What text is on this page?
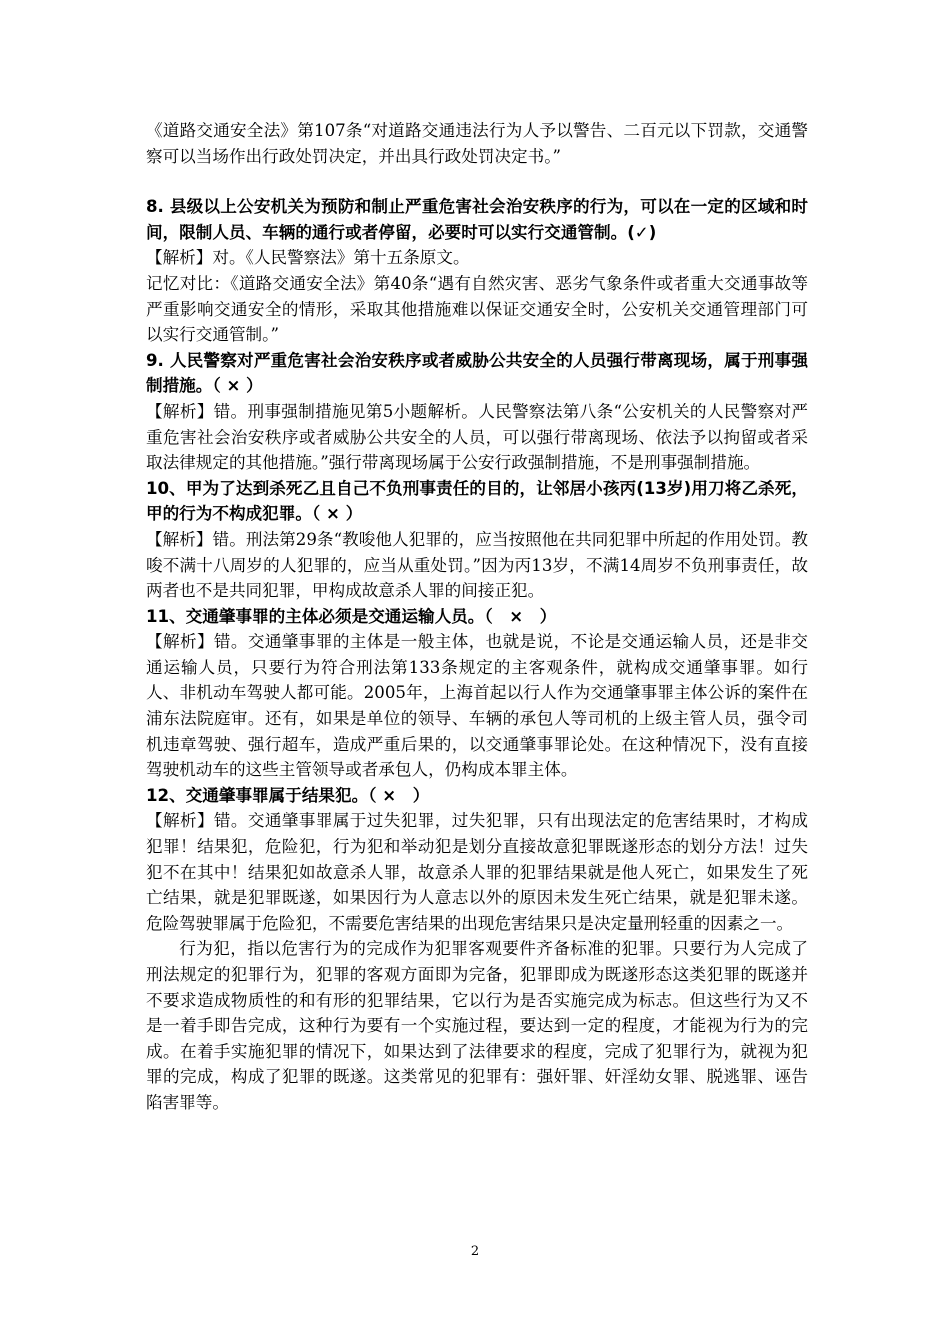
《道路交通安全法》第107条“对道路交通违法行为人予以警告、二百元以下罚款，交通警察可以当场作出行政处罚决定，并出具行政处罚决定书。”

8. 县级以上公安机关为预防和制止严重危害社会治安秩序的行为，可以在一定的区域和时间，限制人员、车辆的通行或者停留，必要时可以实行交通管制。(✓)

【解析】对。《人民警察法》第十五条原文。

记忆对比：《道路交通安全法》第40条“遇有自然灾害、恶劣气象条件或者重大交通事故等严重影响交通安全的情形，采取其他措施难以保证交通安全时，公安机关交通管理部门可以实行交通管制。”

9. 人民警察对严重危害社会治安秩序或者威胁公共安全的人员强行带离现场，属于刑事强制措施。（ × ）

【解析】错。刑事强制措施见第5小题解析。人民警察法第八条“公安机关的人民警察对严重危害社会治安秩序或者威胁公共安全的人员，可以强行带离现场、依法予以拘留或者采取法律规定的其他措施。”强行带离现场属于公安行政强制措施，不是刑事强制措施。

10、甲为了达到杀死乙且自己不负刑事责任的目的，让邻居小孩丙(13岁)用刀将乙杀死，甲的行为不构成犯罪。（ × ）

【解析】错。刑法第29条“教唆他人犯罪的，应当按照他在共同犯罪中所起的作用处罚。教唆不满十八周岁的人犯罪的，应当从重处罚。”因为丙13岁，不满14周岁不负刑事责任，故两者也不是共同犯罪，甲构成故意杀人罪的间接正犯。

11、交通肇事罪的主体必须是交通运输人员。（　×　）

【解析】错。交通肇事罪的主体是一般主体，也就是说，不论是交通运输人员，还是非交通运输人员，只要行为符合刑法第133条规定的主客观条件，就构成交通肇事罪。如行人、非机动车驾驶人都可能。2005年，上海首起以行人作为交通肇事罪主体公诉的案件在浦东法院庭审。还有，如果是单位的领导、车辆的承包人等司机的上级主管人员，强令司机违章驾驶、强行超车，造成严重后果的，以交通肇事罪论处。在这种情况下，没有直接驾驶机动车的这些主管领导或者承包人，仍构成本罪主体。

12、交通肇事罪属于结果犯。（ ×　）

【解析】错。交通肇事罪属于过失犯罪，过失犯罪，只有出现法定的危害结果时，才构成犯罪！结果犯，危险犯，行为犯和举动犯是划分直接故意犯罪既遂形态的划分方法！过失犯不在其中！结果犯如故意杀人罪，故意杀人罪的犯罪结果就是他人死亡，如果发生了死亡结果，就是犯罪既遂，如果因行为人意志以外的原因未发生死亡结果，就是犯罪未遂。危险驾驶罪属于危险犯，不需要危害结果的出现危害结果只是决定量刑轻重的因素之一。

行为犯，指以危害行为的完成作为犯罪客观要件齐备标准的犯罪。只要行为人完成了刑法规定的犯罪行为，犯罪的客观方面即为完备，犯罪即成为既遂形态这类犯罪的既遂并不要求造成物质性的和有形的犯罪结果，它以行为是否实施完成为标志。但这些行为又不是一着手即告完成，这种行为要有一个实施过程，要达到一定的程度，才能视为行为的完成。在着手实施犯罪的情况下，如果达到了法律要求的程度，完成了犯罪行为，就视为犯罪的完成，构成了犯罪的既遂。这类常见的犯罪有：强奸罪、奸淫幼女罪、脱逃罪、诬告陷害罪等。

2
